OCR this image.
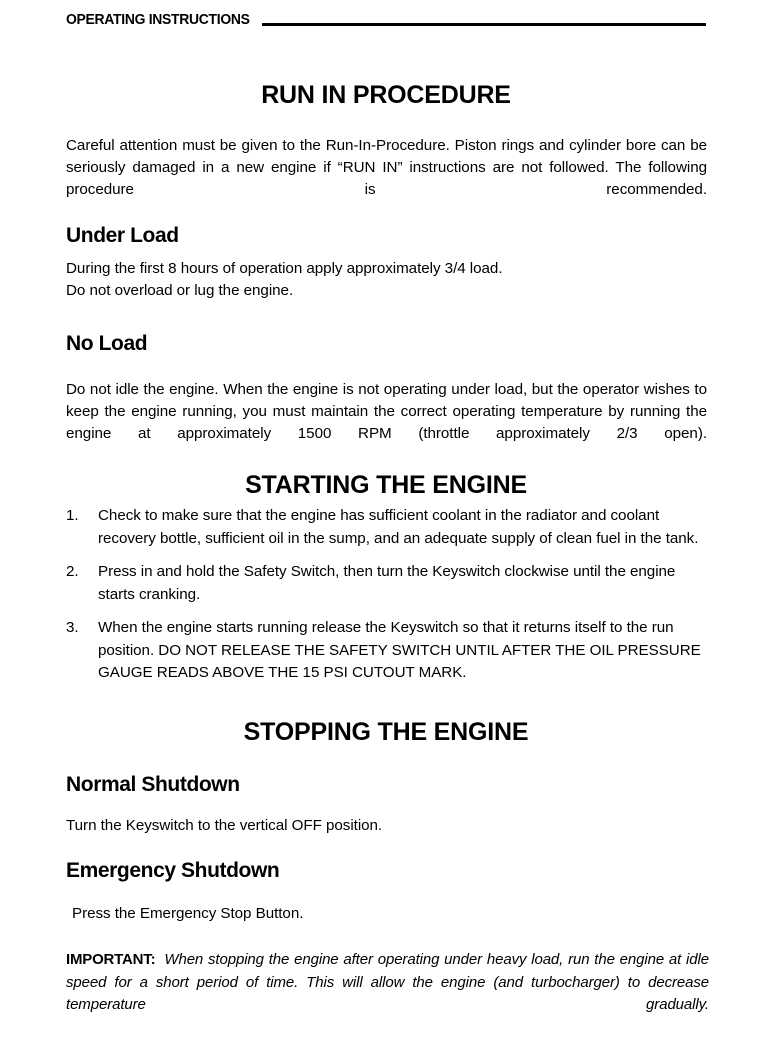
OPERATING INSTRUCTIONS
RUN IN PROCEDURE

Careful attention must be given to the Run-In-Procedure. Piston rings and cylinder bore can be seriously damaged in a new engine if “RUN IN” instructions are not followed. The following procedure is recommended.

Under Load
During the first 8 hours of operation apply approximately 3/4 load.
Do not overload or lug the engine.
No Load

Do not idle the engine. When the engine is not operating under load, but the operator wishes to keep the engine running, you must maintain the correct operating temperature by running the engine at approximately 1500 RPM (throttle approximately 2/3 open).

STARTING THE ENGINE
1.	Check to make sure that the engine has sufficient coolant in the radiator and coolant recovery bottle, sufficient oil in the sump, and an adequate supply of clean fuel in the tank.
2.	Press in and hold the Safety Switch, then turn the Keyswitch clockwise until the engine starts cranking.
3.	When the engine starts running release the Keyswitch so that it returns itself to the run position. DO NOT RELEASE THE SAFETY SWITCH UNTIL AFTER THE OIL PRESSURE GAUGE READS ABOVE THE 15 PSI CUTOUT MARK.
STOPPING THE ENGINE
Normal Shutdown

Turn the Keyswitch to the vertical OFF position.

Emergency Shutdown

Press the Emergency Stop Button.

IMPORTANT: When stopping the engine after operating under heavy load, run the engine at idle speed for a short period of time. This will allow the engine (and turbocharger) to decrease temperature gradually.
